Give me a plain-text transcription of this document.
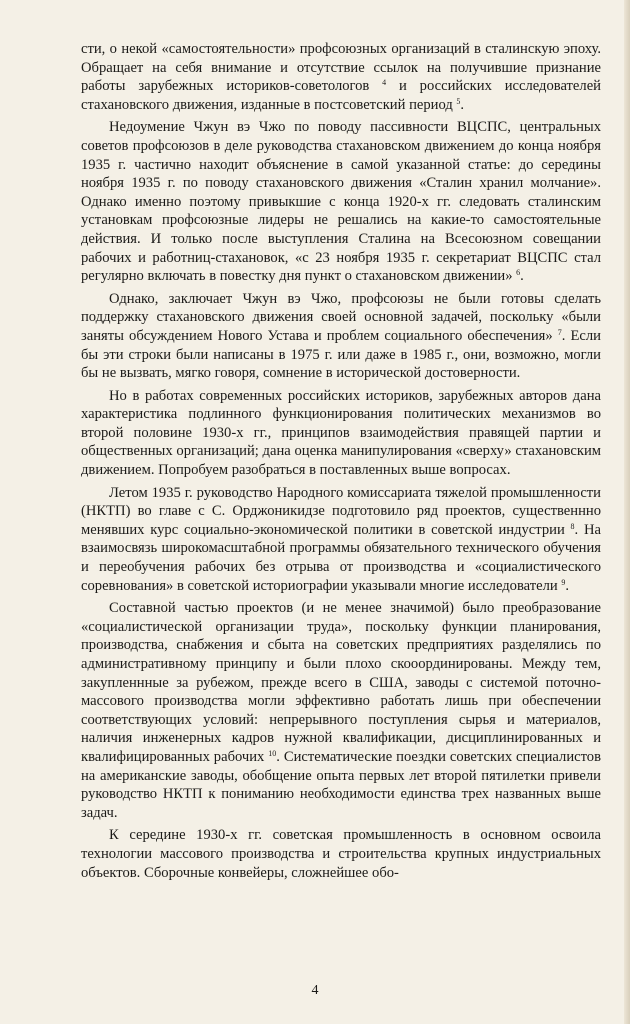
сти, о некой «самостоятельности» профсоюзных организаций в сталинскую эпоху. Обращает на себя внимание и отсутствие ссылок на получившие признание работы зарубежных историков-советологов $^4$ и российских исследователей стахановского движения, изданные в постсоветский период $^5$.

Недоумение Чжун вэ Чжо по поводу пассивности ВЦСПС, центральных советов профсоюзов в деле руководства стахановском движением до конца ноября 1935 г. частично находит объяснение в самой указанной статье: до середины ноября 1935 г. по поводу стахановского движения «Сталин хранил молчание». Однако именно поэтому привыкшие с конца 1920-х гг. следовать сталинским установкам профсоюзные лидеры не решались на какие-то самостоятельные действия. И только после выступления Сталина на Всесоюзном совещании рабочих и работниц-стахановок, «с 23 ноября 1935 г. секретариат ВЦСПС стал регулярно включать в повестку дня пункт о стахановском движении» $^6$.

Однако, заключает Чжун вэ Чжо, профсоюзы не были готовы сделать поддержку стахановского движения своей основной задачей, поскольку «были заняты обсуждением Нового Устава и проблем социального обеспечения» $^7$. Если бы эти строки были написаны в 1975 г. или даже в 1985 г., они, возможно, могли бы не вызвать, мягко говоря, сомнение в исторической достоверности.

Но в работах современных российских историков, зарубежных авторов дана характеристика подлинного функционирования политических механизмов во второй половине 1930-х гг., принципов взаимодействия правящей партии и общественных организаций; дана оценка манипулирования «сверху» стахановским движением. Попробуем разобраться в поставленных выше вопросах.

Летом 1935 г. руководство Народного комиссариата тяжелой промышленности (НКТП) во главе с С. Орджоникидзе подготовило ряд проектов, существеннно менявших курс социально-экономической политики в советской индустрии $^8$. На взаимосвязь широкомасштабной программы обязательного технического обучения и переобучения рабочих без отрыва от производства и «социалистического соревнования» в советской историографии указывали многие исследователи $^9$.

Составной частью проектов (и не менее значимой) было преобразование «социалистической организации труда», поскольку функции планирования, производства, снабжения и сбыта на советских предприятиях разделялись по административному принципу и были плохо скооординированы. Между тем, закупленнные за рубежом, прежде всего в США, заводы с системой поточно-массового производства могли эффективно работать лишь при обеспечении соответствующих условий: непрерывного поступления сырья и материалов, наличия инженерных кадров нужной квалификации, дисциплинированных и квалифицированных рабочих $^{10}$. Систематические поездки советских специалистов на американские заводы, обобщение опыта первых лет второй пятилетки привели руководство НКТП к пониманию необходимости единства трех названных выше задач.

К середине 1930-х гг. советская промышленность в основном освоила технологии массового производства и строительства крупных индустриальных объектов. Сборочные конвейеры, сложнейшее обо-

4
